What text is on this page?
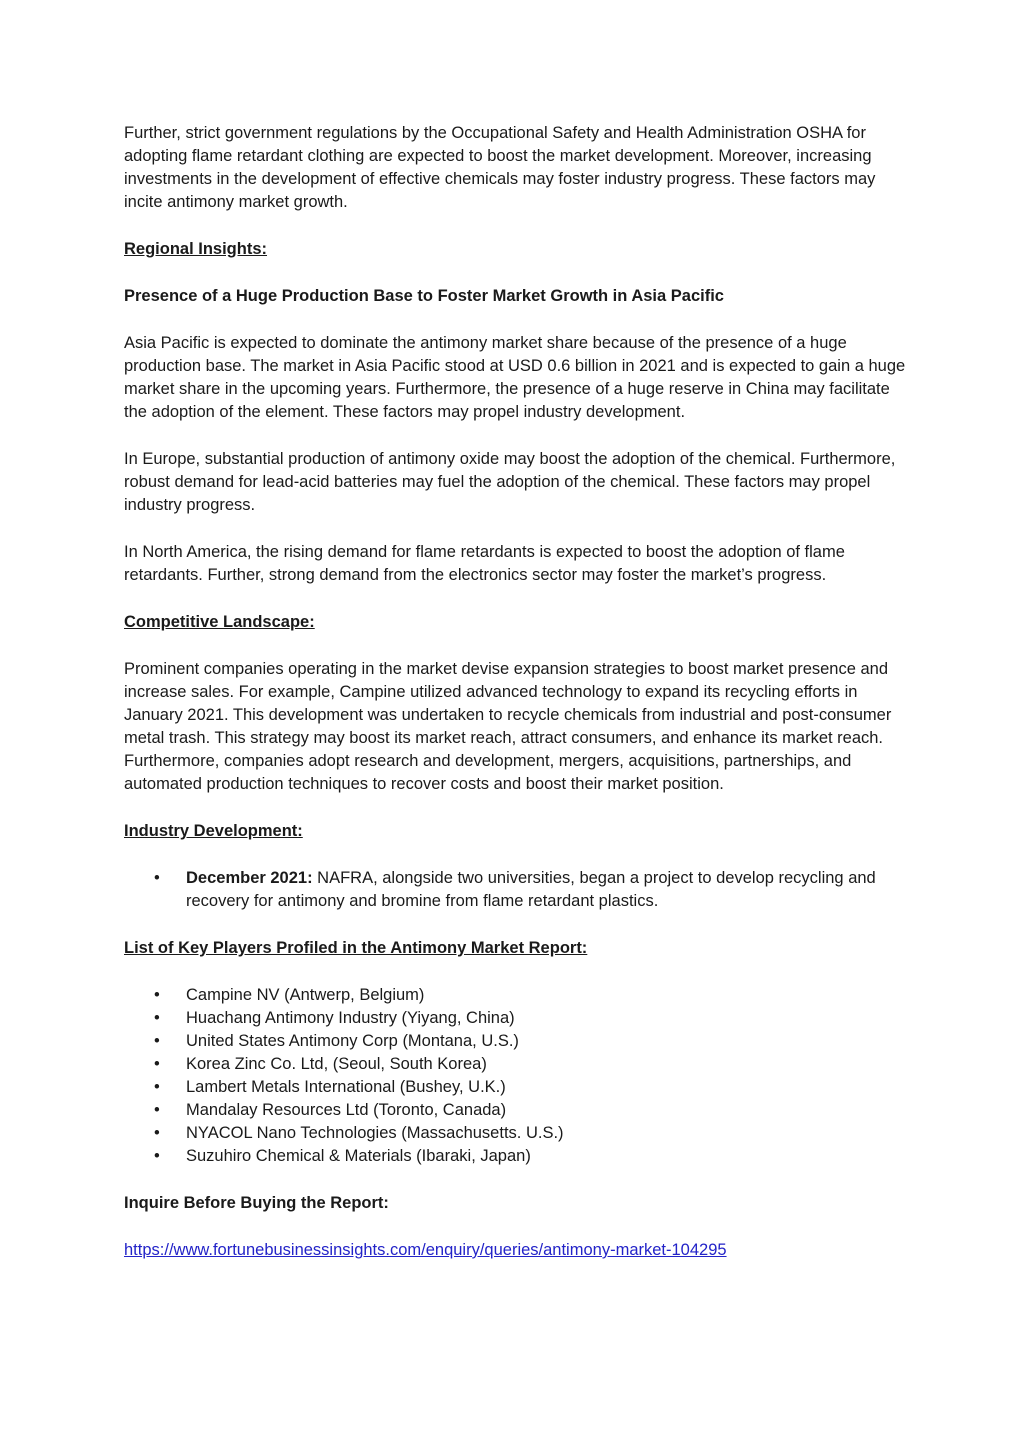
Further, strict government regulations by the Occupational Safety and Health Administration OSHA for adopting flame retardant clothing are expected to boost the market development. Moreover, increasing investments in the development of effective chemicals may foster industry progress. These factors may incite antimony market growth.

Regional Insights:
Presence of a Huge Production Base to Foster Market Growth in Asia Pacific

Asia Pacific is expected to dominate the antimony market share because of the presence of a huge production base. The market in Asia Pacific stood at USD 0.6 billion in 2021 and is expected to gain a huge market share in the upcoming years. Furthermore, the presence of a huge reserve in China may facilitate the adoption of the element. These factors may propel industry development.

In Europe, substantial production of antimony oxide may boost the adoption of the chemical. Furthermore, robust demand for lead-acid batteries may fuel the adoption of the chemical. These factors may propel industry progress.

In North America, the rising demand for flame retardants is expected to boost the adoption of flame retardants. Further, strong demand from the electronics sector may foster the market’s progress.

Competitive Landscape:

Prominent companies operating in the market devise expansion strategies to boost market presence and increase sales. For example, Campine utilized advanced technology to expand its recycling efforts in January 2021. This development was undertaken to recycle chemicals from industrial and post-consumer metal trash. This strategy may boost its market reach, attract consumers, and enhance its market reach. Furthermore, companies adopt research and development, mergers, acquisitions, partnerships, and automated production techniques to recover costs and boost their market position.

Industry Development:
• December 2021: NAFRA, alongside two universities, began a project to develop recycling and recovery for antimony and bromine from flame retardant plastics.
List of Key Players Profiled in the Antimony Market Report:
• Campine NV (Antwerp, Belgium)
• Huachang Antimony Industry (Yiyang, China)
• United States Antimony Corp (Montana, U.S.)
• Korea Zinc Co. Ltd, (Seoul, South Korea)
• Lambert Metals International (Bushey, U.K.)
• Mandalay Resources Ltd (Toronto, Canada)
• NYACOL Nano Technologies (Massachusetts. U.S.)
• Suzuhiro Chemical & Materials (Ibaraki, Japan)
Inquire Before Buying the Report:
https://www.fortunebusinessinsights.com/enquiry/queries/antimony-market-104295
